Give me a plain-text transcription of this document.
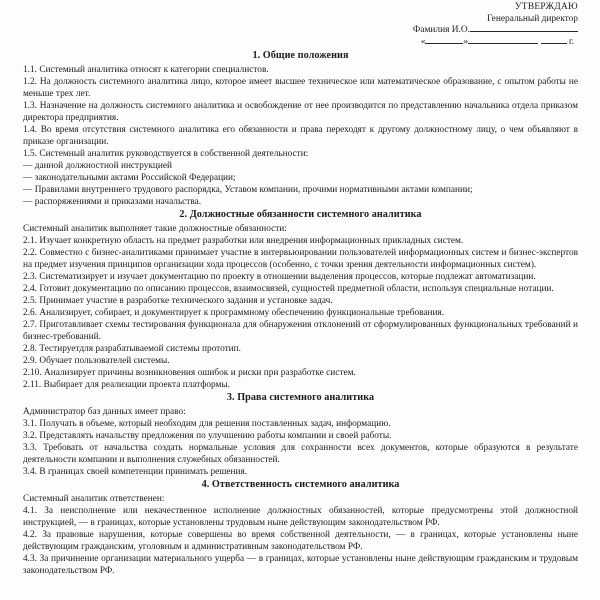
УТВЕРЖДАЮ
Генеральный директор
Фамилия И.О.
«	»	г.
1. Общие положения

1.1. Системный аналитика относят к категории специалистов.

1.2. На должность системного аналитика лицо, которое имеет высшее техническое или математическое образование, с опытом работы не меньше трех лет.

1.3. Назначение на должность системного аналитика и освобождение от нее производится по представлению начальника отдела приказом директора предприятия.

1.4. Во время отсутствия системного аналитика его обязанности и права переходят к другому должностному лицу, о чем объявляют в приказе организации.

1.5. Системный аналитик руководствуется в собственной деятельности:

— данной должностной инструкцией

— законодательными актами Российской Федерации;

— Правилами внутреннего трудового распорядка, Уставом компании, прочими нормативными актами компании;

— распоряжениями и приказами начальства.

2. Должностные обязанности системного аналитика

Системный аналитик выполняет такие должностные обязанности:

2.1. Изучает конкретную область на предмет разработки или внедрения информационных прикладных систем.

2.2. Совместно с бизнес-аналитиками принимает участие в интервьюировании пользователей информационных систем и бизнес-экспертов на предмет изучения принципов организации хода процессов (особенно, с точки зрения деятельности информационных систем).

2.3. Систематизирует и изучает документацию по проекту в отношении выделения процессов, которые подлежат автоматизации.

2.4. Готовит документацию по описанию процессов, взаимосвязей, сущностей предметной области, используя специальные нотации.

2.5. Принимает участие в разработке технического задания и установке задач.

2.6. Анализирует, собирает, и документирует к программному обеспечению функциональные требования.

2.7. Приготавливает схемы тестирования функционала для обнаружения отклонений от сформулированных функциональных требований и бизнес-требований.

2.8. Тестируетдля разрабатываемой системы прототип.

2.9. Обучает пользователей системы.

2.10. Анализирует причины возникновения ошибок и риски при разработке систем.

2.11. Выбирает для реализации проекта платформы.

3. Права системного аналитика

Администратор баз данных имеет право:

3.1. Получать в объеме, который необходим для решения поставленных задач, информацию.

3.2. Представлять начальству предложения по улучшению работы компании и своей работы.

3.3. Требовать от начальства создать нормальные условия для сохранности всех документов, которые образуются в результате деятельности компании и выполнения служебных обязанностей.

3.4. В границах своей компетенции принимать решения.

4. Ответственность системного аналитика

Системный аналитик ответственен:

4.1. За неисполнение или некачественное исполнение должностных обязанностей, которые предусмотрены этой должностной инструкцией, — в границах, которые установлены трудовым ныне действующим законодательством РФ.

4.2. За правовые нарушения, которые совершены во время собственной деятельности, — в границах, которые установлены ныне действующим гражданским, уголовным и административным законодательством РФ.

4.3. За причинение организации материального ущерба — в границах, которые установлены ныне действующим гражданским и трудовым законодательством РФ.
